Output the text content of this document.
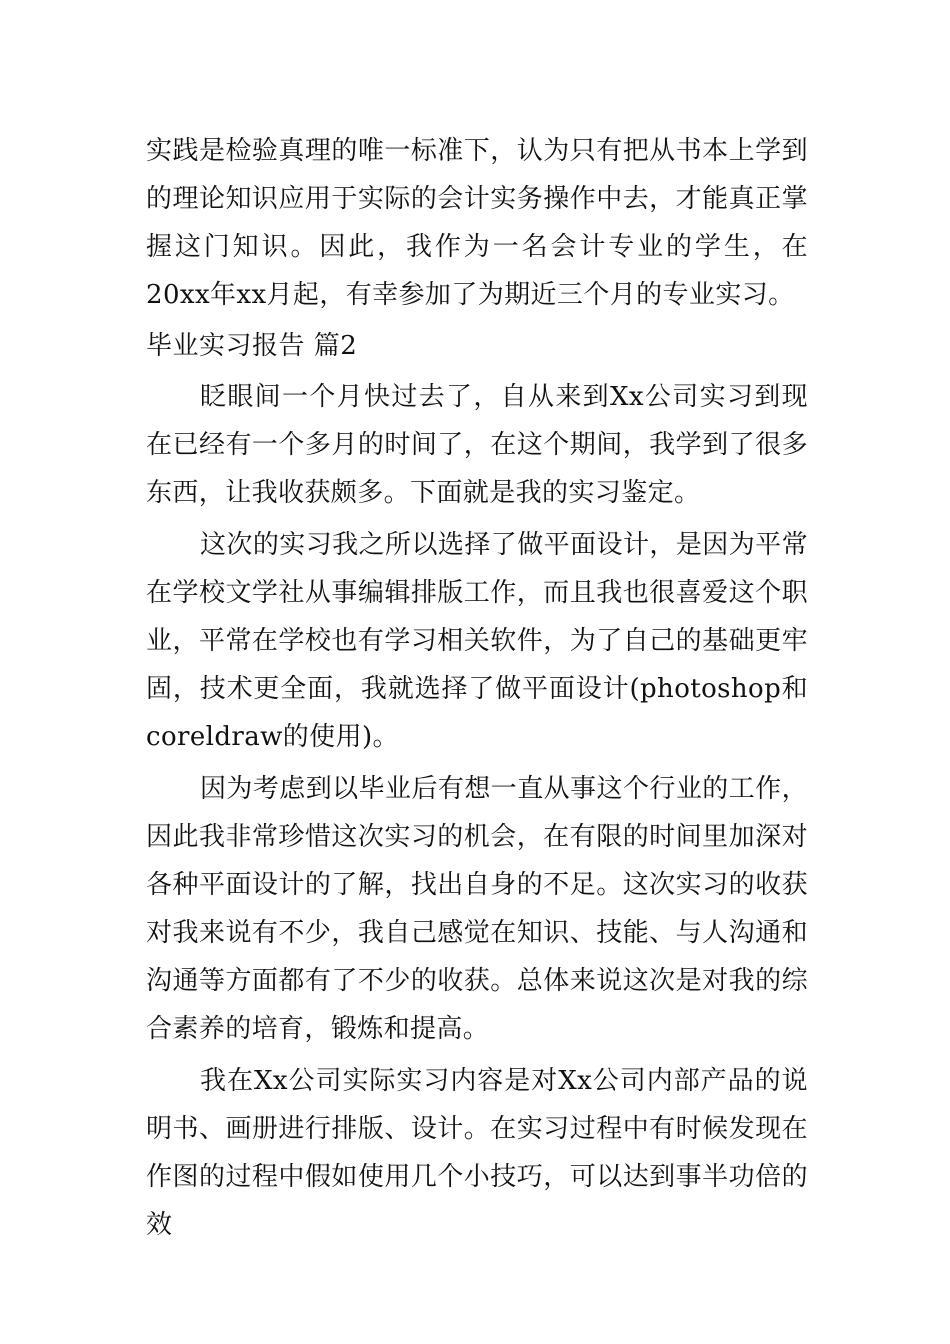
实践是检验真理的唯一标准下，认为只有把从书本上学到的理论知识应用于实际的会计实务操作中去，才能真正掌握这门知识。因此，我作为一名会计专业的学生，在20xx年xx月起，有幸参加了为期近三个月的专业实习。

毕业实习报告 篇2

眨眼间一个月快过去了，自从来到Xx公司实习到现在已经有一个多月的时间了，在这个期间，我学到了很多东西，让我收获颇多。下面就是我的实习鉴定。

这次的实习我之所以选择了做平面设计，是因为平常在学校文学社从事编辑排版工作，而且我也很喜爱这个职业，平常在学校也有学习相关软件，为了自己的基础更牢固，技术更全面，我就选择了做平面设计(photoshop和coreldraw的使用)。

因为考虑到以毕业后有想一直从事这个行业的工作，因此我非常珍惜这次实习的机会，在有限的时间里加深对各种平面设计的了解，找出自身的不足。这次实习的收获对我来说有不少，我自己感觉在知识、技能、与人沟通和沟通等方面都有了不少的收获。总体来说这次是对我的综合素养的培育，锻炼和提高。

我在Xx公司实际实习内容是对Xx公司内部产品的说明书、画册进行排版、设计。在实习过程中有时候发现在作图的过程中假如使用几个小技巧，可以达到事半功倍的效
